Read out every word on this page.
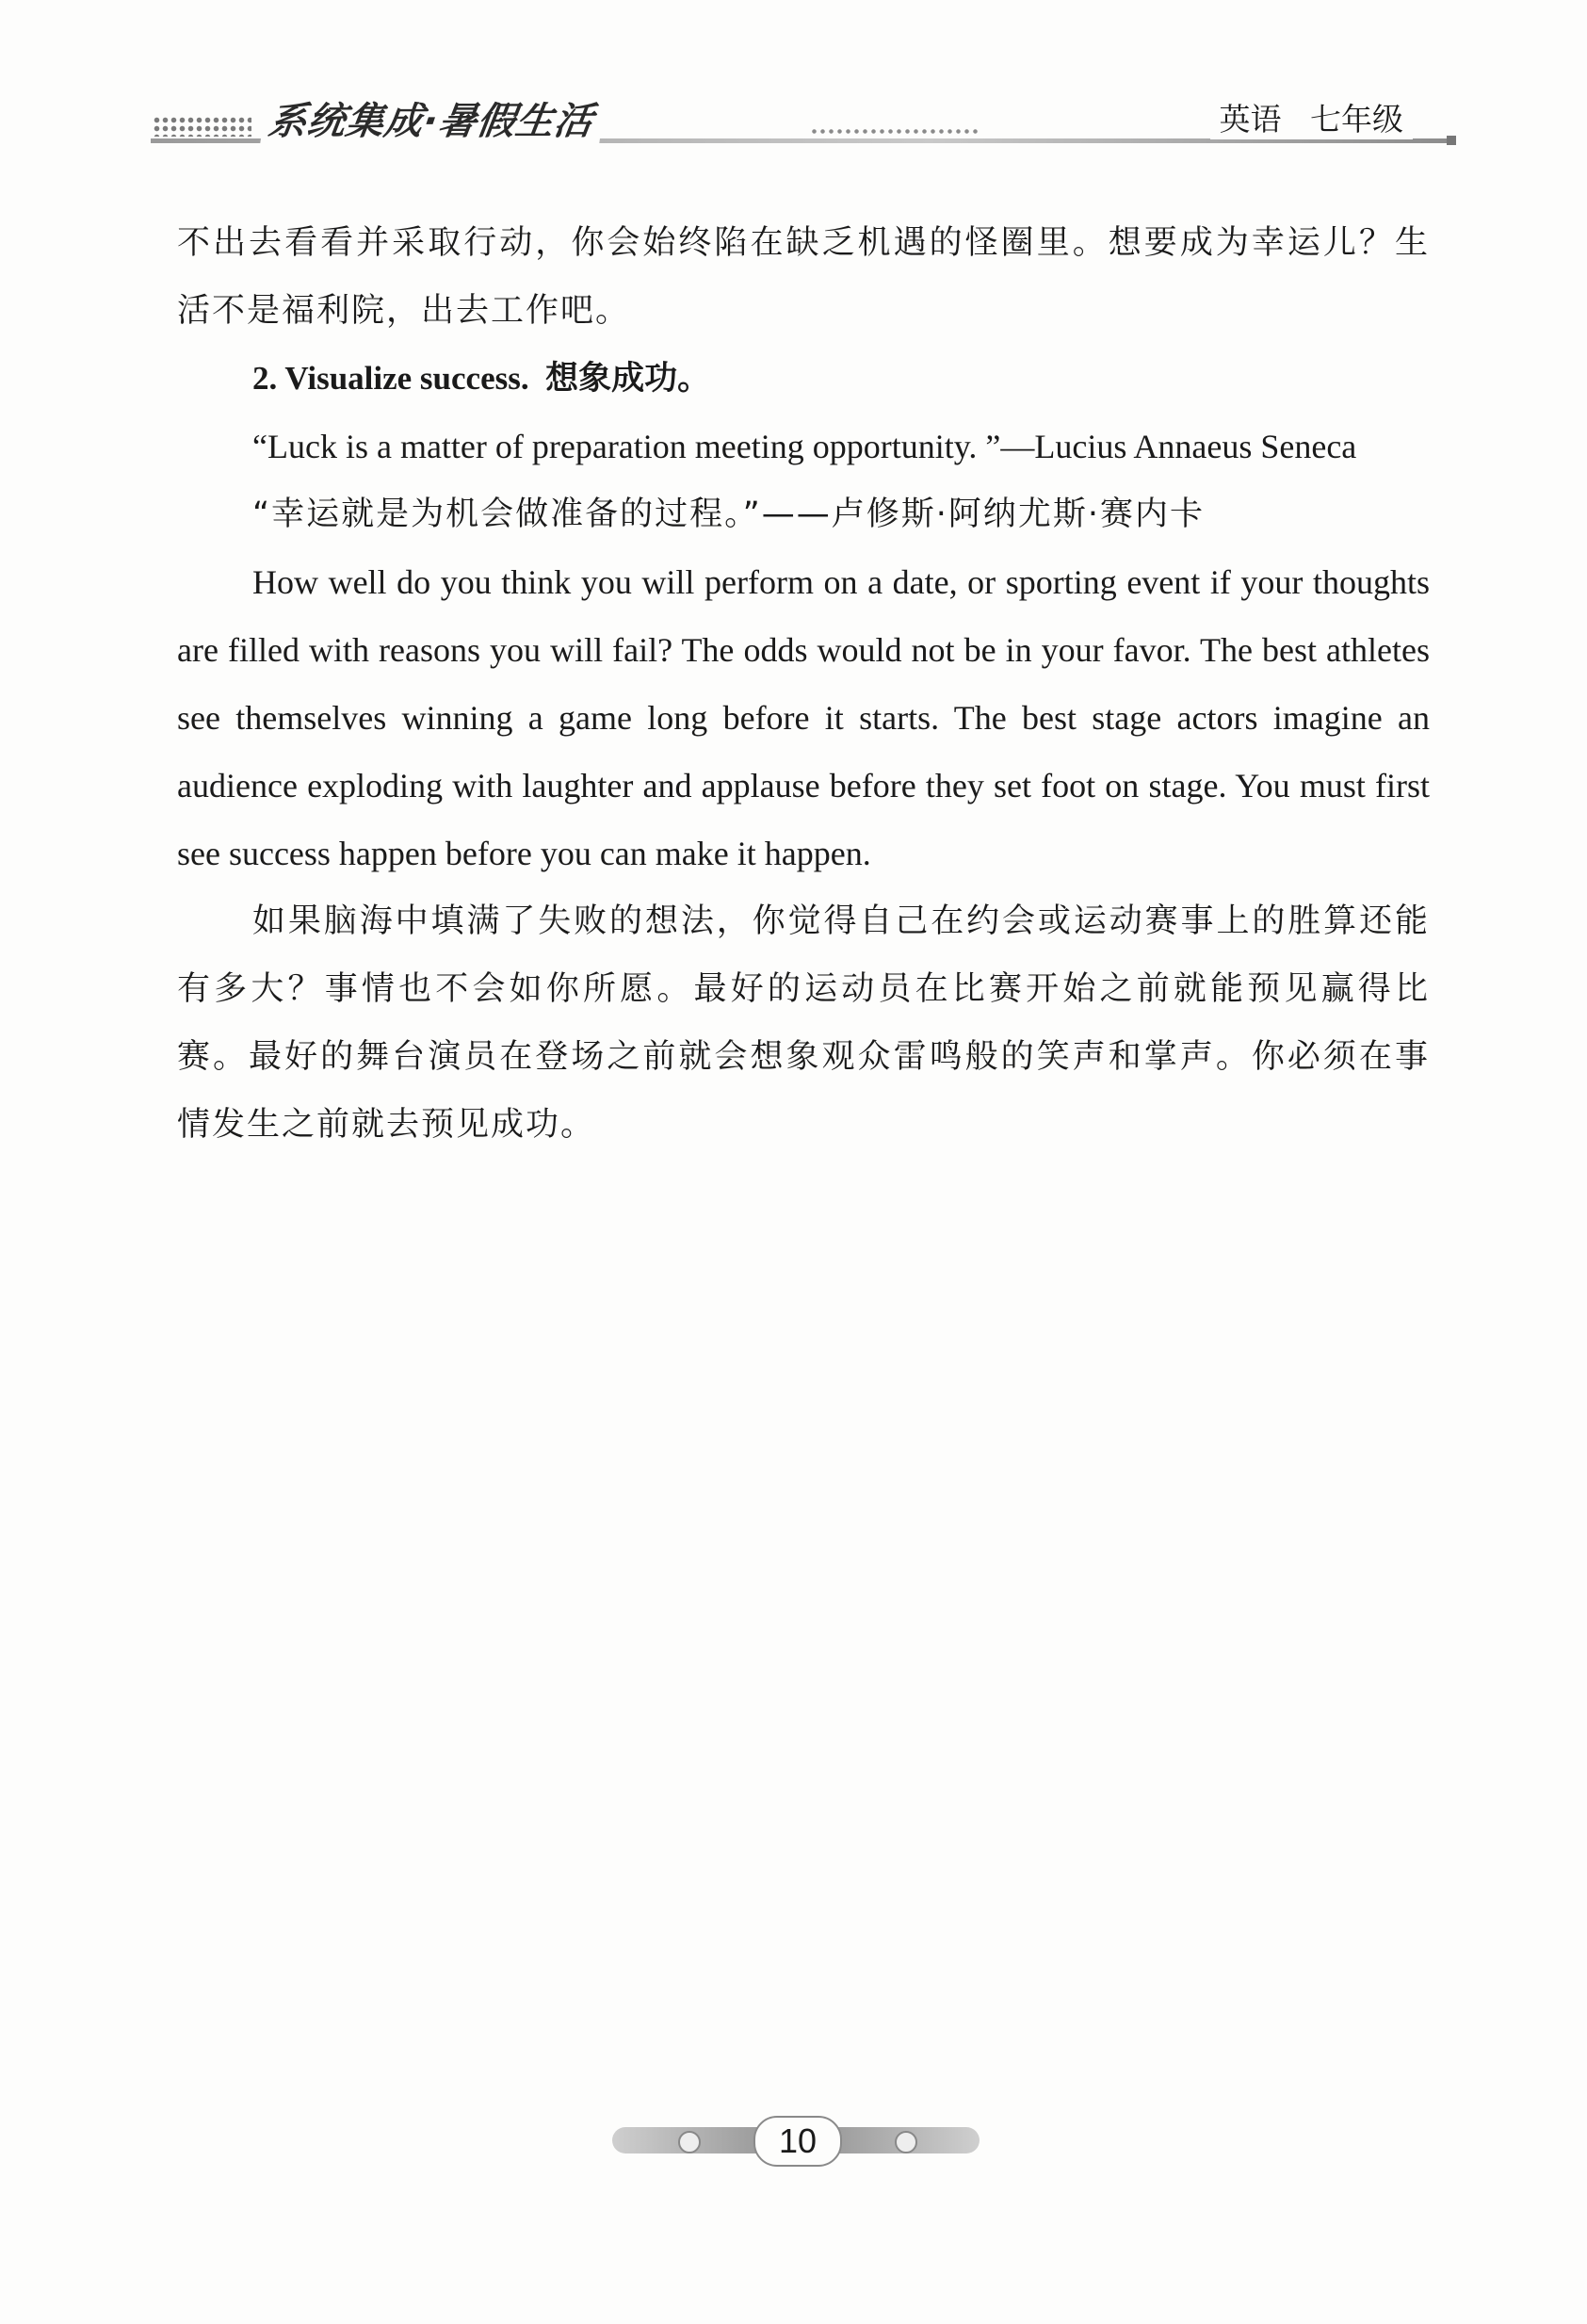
系统集成·暑假生活	英语 七年级

不出去看看并采取行动，你会始终陷在缺乏机遇的怪圈里。想要成为幸运儿？生活不是福利院，出去工作吧。

2. Visualize success. 想象成功。

“Luck is a matter of preparation meeting opportunity. ”—Lucius Annaeus Seneca

“幸运就是为机会做准备的过程。”——卢修斯·阿纳尤斯·赛内卡

How well do you think you will perform on a date, or sporting event if your thoughts are filled with reasons you will fail? The odds would not be in your favor. The best athletes see themselves winning a game long before it starts. The best stage actors imagine an audience exploding with laughter and applause before they set foot on stage. You must first see success happen before you can make it happen.

如果脑海中填满了失败的想法，你觉得自己在约会或运动赛事上的胜算还能有多大？事情也不会如你所愿。最好的运动员在比赛开始之前就能预见赢得比赛。最好的舞台演员在登场之前就会想象观众雷鸣般的笑声和掌声。你必须在事情发生之前就去预见成功。

10
